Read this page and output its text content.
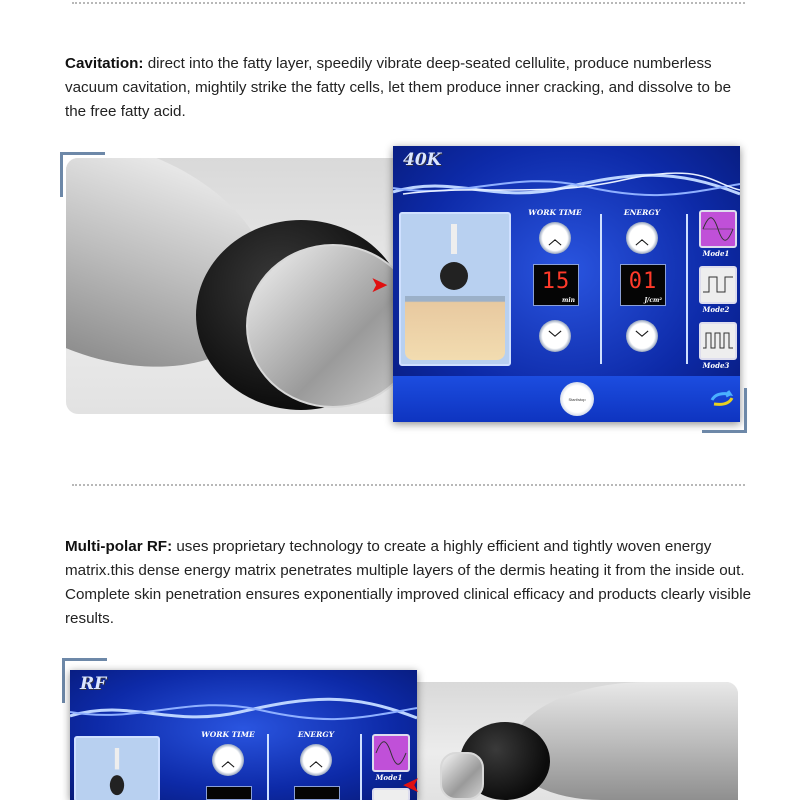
Cavitation: direct into the fatty layer, speedily vibrate deep-seated cellulite, produce numberless vacuum cavitation, mightily strike the fatty cells, let them produce inner cracking, and dissolve to be the free fatty acid.

40K
WORK TIME
︿
15
min
﹀
ENERGY
︿
01
J/cm²
﹀
Mode1
Mode2
Mode3
Start/stop
➤

Multi-polar RF: uses proprietary technology to create a highly efficient and tightly woven energy matrix.this dense energy matrix penetrates multiple layers of the dermis heating it from the inside out. Complete skin penetration ensures exponentially improved clinical efficacy and products clearly visible results.

RF
WORK TIME
︿
ENERGY
︿
Mode1 ➤
